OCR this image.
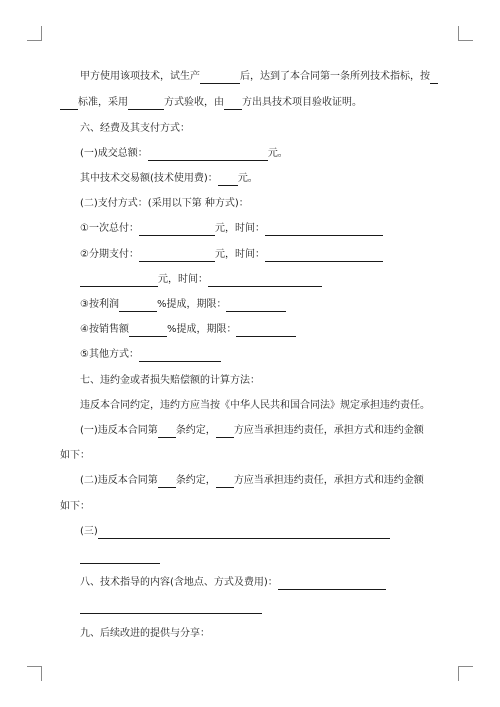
甲方使用该项技术，试生产	后，达到了本合同第一条所列技术指标，按
标准，采用	方式验收，由 方出具技术项目验收证明。
六、经费及其支付方式：
(一)成交总额：	元。
其中技术交易额(技术使用费)： 元。
(二)支付方式：(采用以下第 种方式)：
①一次总付：	元，时间：
②分期支付：	元，时间：
元，时间：
③按利润	%提成，期限：
④按销售额	%提成，期限：
⑤其他方式：
七、违约金或者损失赔偿额的计算方法：
违反本合同约定，违约方应当按《中华人民共和国合同法》规定承担违约责任。
(一)违反本合同第 条约定， 方应当承担违约责任，承担方式和违约金额
如下：
(二)违反本合同第 条约定， 方应当承担违约责任，承担方式和违约金额
如下：
(三)
八、技术指导的内容(含地点、方式及费用)：
九、后续改进的提供与分享：
